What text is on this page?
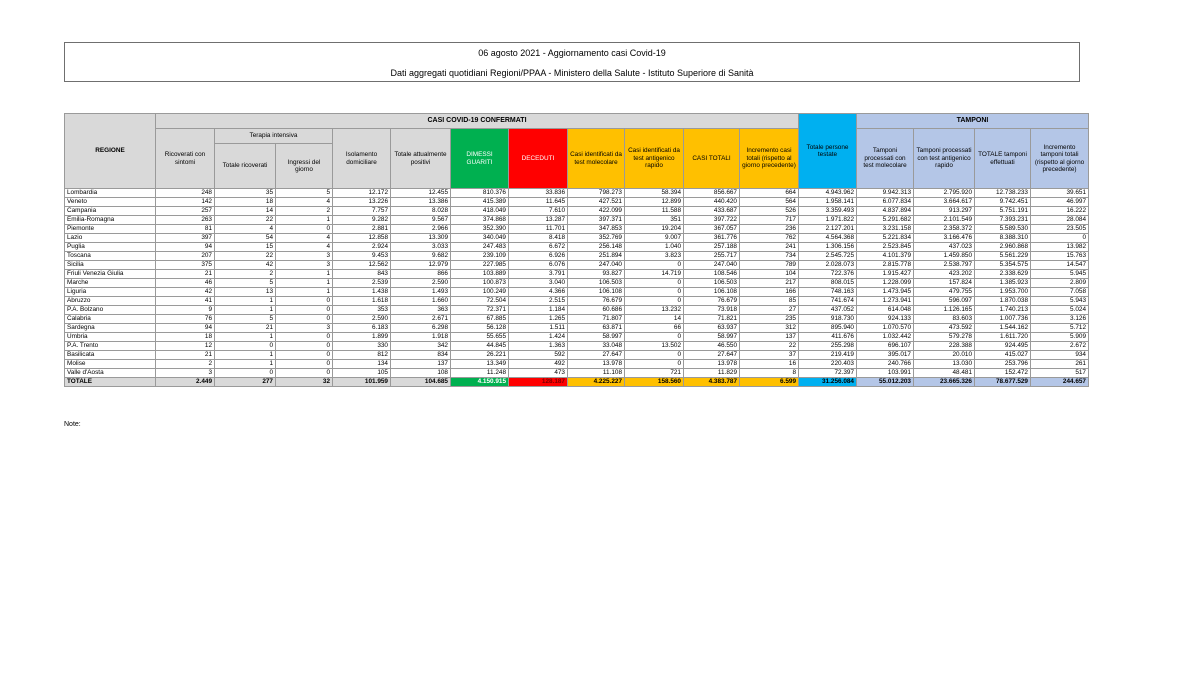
06 agosto 2021 - Aggiornamento casi Covid-19
Dati aggregati quotidiani Regioni/PPAA - Ministero della Salute - Istituto Superiore di Sanità
REGIONE	CASI COVID-19 CONFERMATI											Totale persone testate	TAMPONI			
	Ricoverati con sintomi	Terapia intensiva		Isolamento domiciliare	Totale attualmente positivi	DIMESSI GUARITI	DECEDUTI	Casi identificati da test molecolare	Casi identificati da test antigenico rapido	CASI TOTALI	Incremento casi totali (rispetto al giorno precedente)		Tamponi processati con test molecolare	Tamponi processati con test antigenico rapido	TOTALE tamponi effettuati	Incremento tamponi totali (rispetto al giorno precedente)
		Totale ricoverati	Ingressi del giorno													
Lombardia	248	35	5	12.172	12.455	810.376	33.836	798.273	58.394	856.667	664	4.943.962	9.942.313	2.795.920	12.738.233	39.651
Veneto	142	18	4	13.226	13.386	415.389	11.645	427.521	12.899	440.420	564	1.958.141	6.077.834	3.664.617	9.742.451	46.997
Campania	257	14	2	7.757	8.028	418.049	7.610	422.099	11.588	433.687	526	3.359.493	4.837.894	913.297	5.751.191	16.222
Emilia-Romagna	263	22	1	9.282	9.567	374.868	13.287	397.371	351	397.722	717	1.971.822	5.291.682	2.101.549	7.393.231	28.084
Piemonte	81	4	0	2.881	2.966	352.390	11.701	347.853	19.204	367.057	236	2.127.201	3.231.158	2.358.372	5.589.530	23.505
Lazio	397	54	4	12.858	13.309	340.049	8.418	352.769	9.007	361.776	762	4.564.368	5.221.834	3.166.476	8.388.310	0
Puglia	94	15	4	2.924	3.033	247.483	6.672	256.148	1.040	257.188	241	1.306.156	2.523.845	437.023	2.960.868	13.982
Toscana	207	22	3	9.453	9.682	239.109	6.926	251.894	3.823	255.717	734	2.545.725	4.101.379	1.459.850	5.561.229	15.763
Sicilia	375	42	3	12.562	12.979	227.985	6.076	247.040	0	247.040	789	2.028.073	2.815.778	2.538.797	5.354.575	14.547
Friuli Venezia Giulia	21	2	1	843	866	103.889	3.791	93.827	14.719	108.546	104	722.376	1.915.427	423.202	2.338.629	5.945
Marche	46	5	1	2.539	2.590	100.873	3.040	106.503	0	106.503	217	808.015	1.228.099	157.824	1.385.923	2.809
Liguria	42	13	1	1.438	1.493	100.249	4.366	106.108	0	106.108	166	748.163	1.473.945	479.755	1.953.700	7.058
Abruzzo	41	1	0	1.618	1.660	72.504	2.515	76.679	0	76.679	85	741.674	1.273.941	596.097	1.870.038	5.943
P.A. Bolzano	9	1	0	353	363	72.371	1.184	60.686	13.232	73.918	27	437.052	614.048	1.126.165	1.740.213	5.024
Calabria	76	5	0	2.590	2.671	67.885	1.265	71.807	14	71.821	235	918.730	924.133	83.603	1.007.736	3.126
Sardegna	94	21	3	6.183	6.298	56.128	1.511	63.871	66	63.937	312	895.940	1.070.570	473.592	1.544.162	5.712
Umbria	18	1	0	1.899	1.918	55.655	1.424	58.997	0	58.997	137	411.676	1.032.442	579.278	1.611.720	5.909
P.A. Trento	12	0	0	330	342	44.845	1.363	33.048	13.502	46.550	22	255.298	696.107	228.388	924.495	2.672
Basilicata	21	1	0	812	834	26.221	592	27.647	0	27.647	37	219.419	395.017	20.010	415.027	934
Molise	2	1	0	134	137	13.349	492	13.978	0	13.978	16	220.403	240.766	13.030	253.796	261
Valle d'Aosta	3	0	0	105	108	11.248	473	11.108	721	11.829	8	72.397	103.991	48.481	152.472	517
TOTALE	2.449	277	32	101.959	104.685	4.150.915	128.187	4.225.227	158.560	4.383.787	6.599	31.256.084	55.012.203	23.665.326	78.677.529	244.657
Note:
